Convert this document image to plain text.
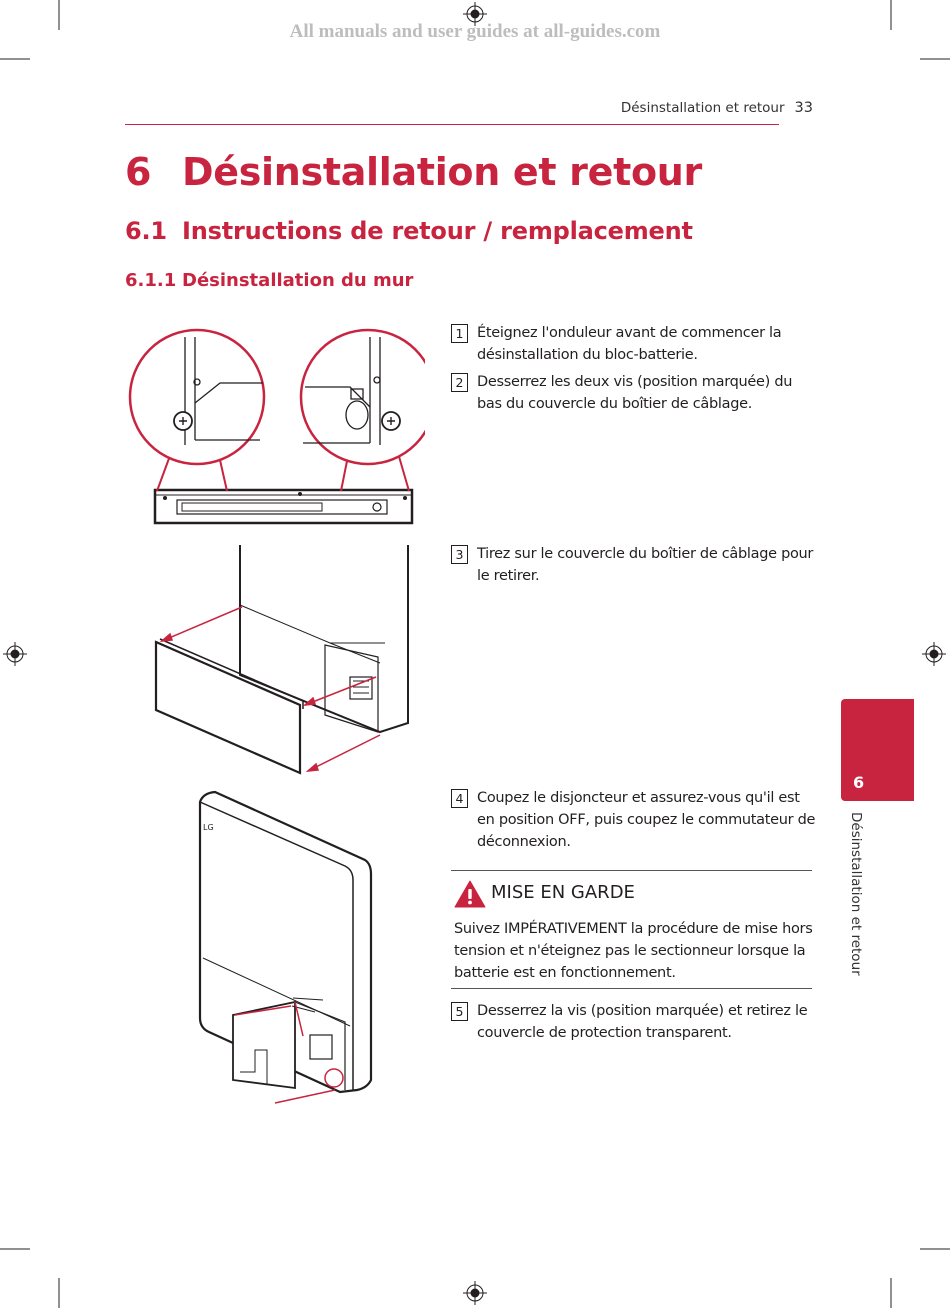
All manuals and user guides at all-guides.com
Désinstallation et retour 33
6 Désinstallation et retour
6.1 Instructions de retour / remplacement
6.1.1 Désinstallation du mur
LG
1 Éteignez l'onduleur avant de commencer la désinstallation du bloc-batterie.
2 Desserrez les deux vis (position marquée) du bas du couvercle du boîtier de câblage.
3 Tirez sur le couvercle du boîtier de câblage pour le retirer.
4 Coupez le disjoncteur et assurez-vous qu'il est en position OFF, puis coupez le commutateur de déconnexion.
MISE EN GARDE
Suivez IMPÉRATIVEMENT la procédure de mise hors tension et n'éteignez pas le sectionneur lorsque la batterie est en fonctionnement.
5 Desserrez la vis (position marquée) et retirez le couvercle de protection transparent.
6
Désinstallation et retour
